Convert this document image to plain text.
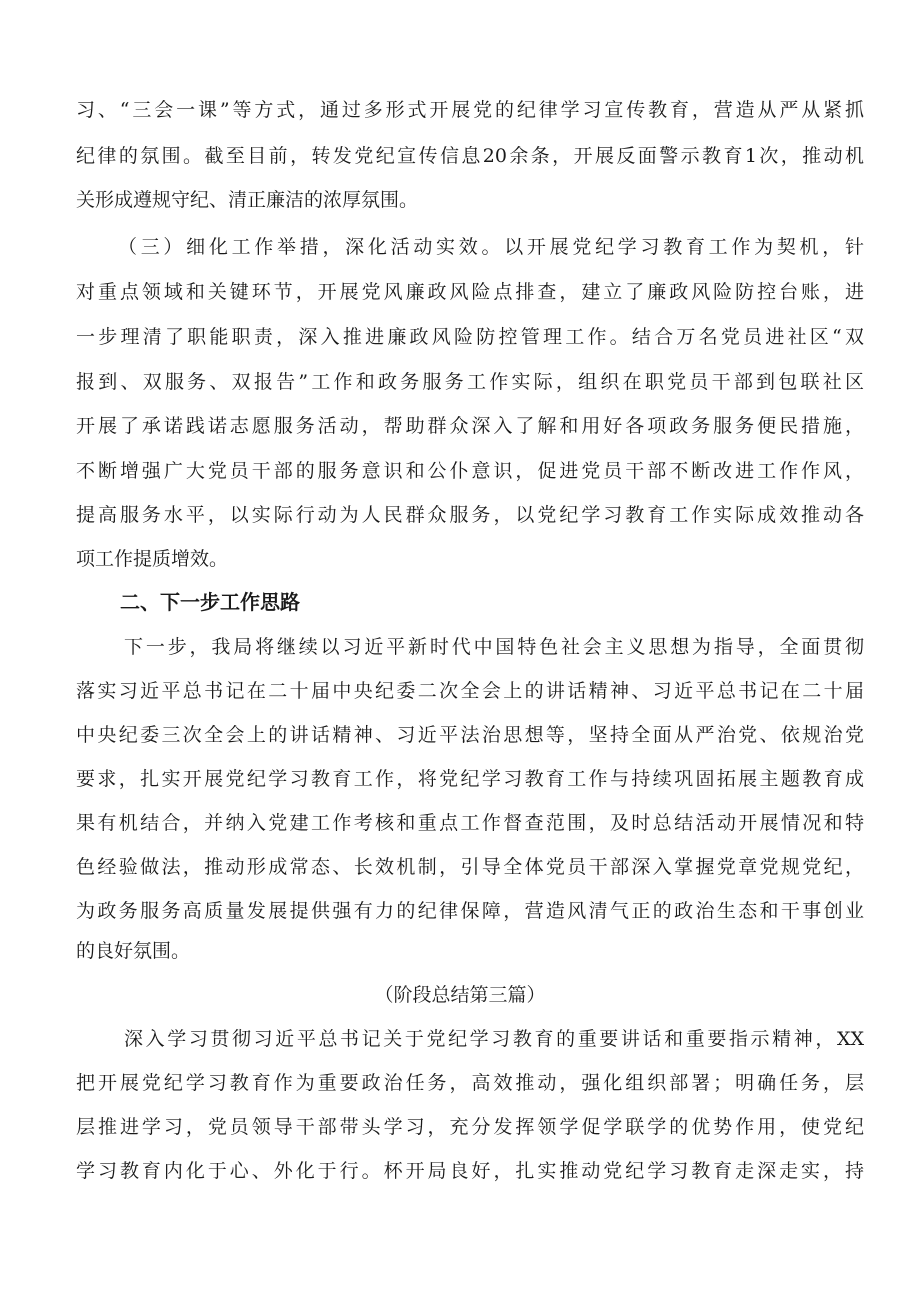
习、“三会一课”等方式，通过多形式开展党的纪律学习宣传教育，营造从严从紧抓
纪律的氛围。截至目前，转发党纪宣传信息20余条，开展反面警示教育1次，推动机
关形成遵规守纪、清正廉洁的浓厚氛围。
（三）细化工作举措，深化活动实效。以开展党纪学习教育工作为契机，针
对重点领域和关键环节，开展党风廉政风险点排查，建立了廉政风险防控台账，进
一步理清了职能职责，深入推进廉政风险防控管理工作。结合万名党员进社区“双
报到、双服务、双报告”工作和政务服务工作实际，组织在职党员干部到包联社区
开展了承诺践诺志愿服务活动，帮助群众深入了解和用好各项政务服务便民措施，
不断增强广大党员干部的服务意识和公仆意识，促进党员干部不断改进工作作风，
提高服务水平，以实际行动为人民群众服务，以党纪学习教育工作实际成效推动各
项工作提质增效。
二、下一步工作思路
下一步，我局将继续以习近平新时代中国特色社会主义思想为指导，全面贯彻
落实习近平总书记在二十届中央纪委二次全会上的讲话精神、习近平总书记在二十届
中央纪委三次全会上的讲话精神、习近平法治思想等，坚持全面从严治党、依规治党
要求，扎实开展党纪学习教育工作，将党纪学习教育工作与持续巩固拓展主题教育成
果有机结合，并纳入党建工作考核和重点工作督查范围，及时总结活动开展情况和特
色经验做法，推动形成常态、长效机制，引导全体党员干部深入掌握党章党规党纪，
为政务服务高质量发展提供强有力的纪律保障，营造风清气正的政治生态和干事创业
的良好氛围。
（阶段总结第三篇）
深入学习贯彻习近平总书记关于党纪学习教育的重要讲话和重要指示精神，XX
把开展党纪学习教育作为重要政治任务，高效推动，强化组织部署；明确任务，层
层推进学习，党员领导干部带头学习，充分发挥领学促学联学的优势作用，使党纪
学习教育内化于心、外化于行。杯开局良好，扎实推动党纪学习教育走深走实，持
